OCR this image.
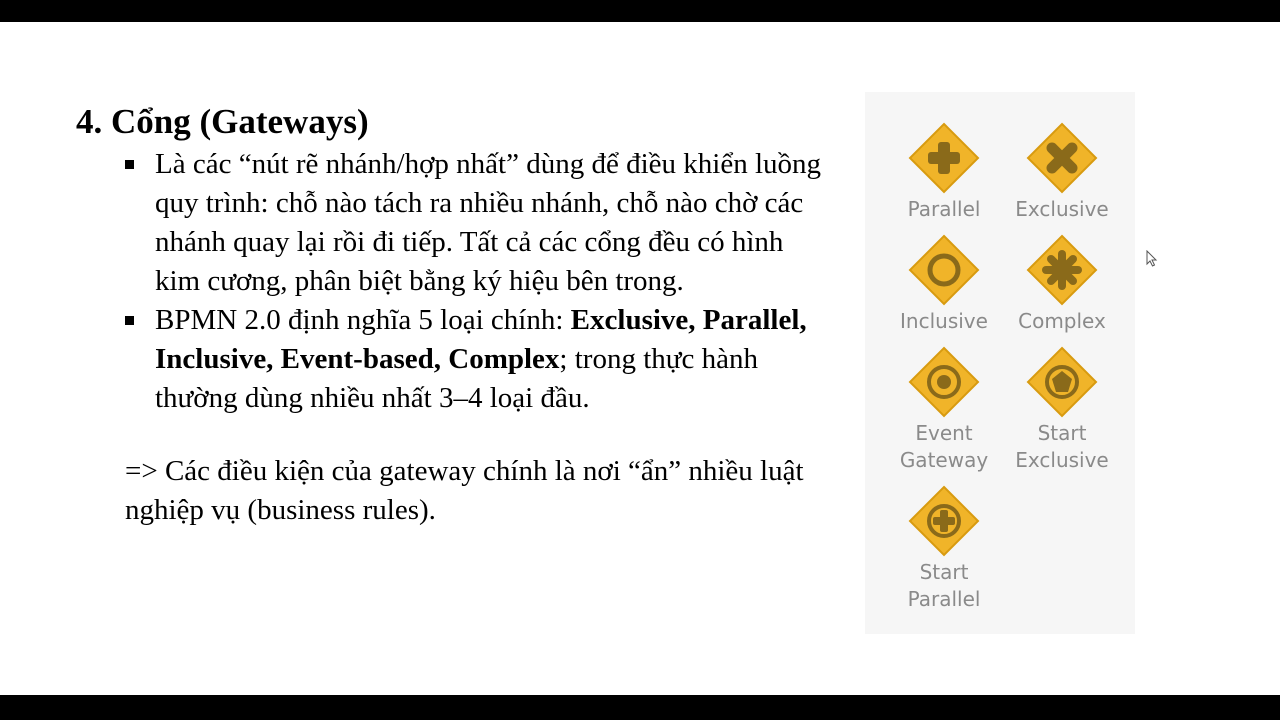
4. Cổng (Gateways)
Là các “nút rẽ nhánh/hợp nhất” dùng để điều khiển luồng quy trình: chỗ nào tách ra nhiều nhánh, chỗ nào chờ các nhánh quay lại rồi đi tiếp. Tất cả các cổng đều có hình kim cương, phân biệt bằng ký hiệu bên trong.
BPMN 2.0 định nghĩa 5 loại chính: Exclusive, Parallel, Inclusive, Event-based, Complex; trong thực hành thường dùng nhiều nhất 3–4 loại đầu.
=> Các điều kiện của gateway chính là nơi “ẩn” nhiều luật nghiệp vụ (business rules).
Parallel	Exclusive
Inclusive	Complex
Event
Gateway
Start
Exclusive
Start
Parallel
